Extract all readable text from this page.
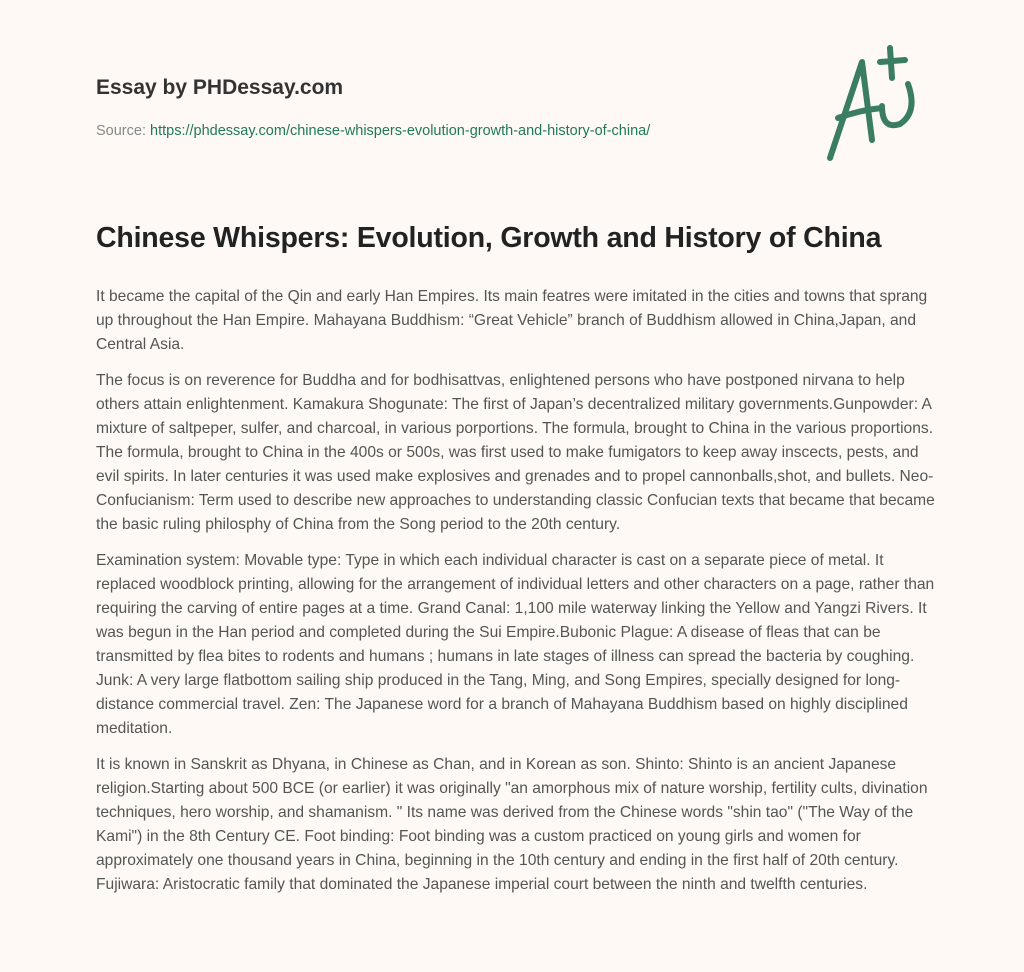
Essay by PHDessay.com
Source: https://phdessay.com/chinese-whispers-evolution-growth-and-history-of-china/
Chinese Whispers: Evolution, Growth and History of China

It became the capital of the Qin and early Han Empires. Its main featres were imitated in the cities and towns that sprang up throughout the Han Empire. Mahayana Buddhism: “Great Vehicle” branch of Buddhism allowed in China,Japan, and Central Asia.

The focus is on reverence for Buddha and for bodhisattvas, enlightened persons who have postponed nirvana to help others attain enlightenment. Kamakura Shogunate: The first of Japan’s decentralized military governments.Gunpowder: A mixture of saltpeper, sulfer, and charcoal, in various porportions. The formula, brought to China in the various proportions. The formula, brought to China in the 400s or 500s, was first used to make fumigators to keep away inscects, pests, and evil spirits. In later centuries it was used make explosives and grenades and to propel cannonballs,shot, and bullets. Neo-Confucianism: Term used to describe new approaches to understanding classic Confucian texts that became that became the basic ruling philosphy of China from the Song period to the 20th century.

Examination system: Movable type: Type in which each individual character is cast on a separate piece of metal. It replaced woodblock printing, allowing for the arrangement of individual letters and other characters on a page, rather than requiring the carving of entire pages at a time. Grand Canal: 1,100 mile waterway linking the Yellow and Yangzi Rivers. It was begun in the Han period and completed during the Sui Empire.Bubonic Plague: A disease of fleas that can be transmitted by flea bites to rodents and humans ; humans in late stages of illness can spread the bacteria by coughing. Junk: A very large flatbottom sailing ship produced in the Tang, Ming, and Song Empires, specially designed for long-distance commercial travel. Zen: The Japanese word for a branch of Mahayana Buddhism based on highly disciplined meditation.

It is known in Sanskrit as Dhyana, in Chinese as Chan, and in Korean as son. Shinto: Shinto is an ancient Japanese religion.Starting about 500 BCE (or earlier) it was originally "an amorphous mix of nature worship, fertility cults, divination techniques, hero worship, and shamanism. " Its name was derived from the Chinese words "shin tao" ("The Way of the Kami") in the 8th Century CE. Foot binding: Foot binding was a custom practiced on young girls and women for approximately one thousand years in China, beginning in the 10th century and ending in the first half of 20th century. Fujiwara: Aristocratic family that dominated the Japanese imperial court between the ninth and twelfth centuries.
